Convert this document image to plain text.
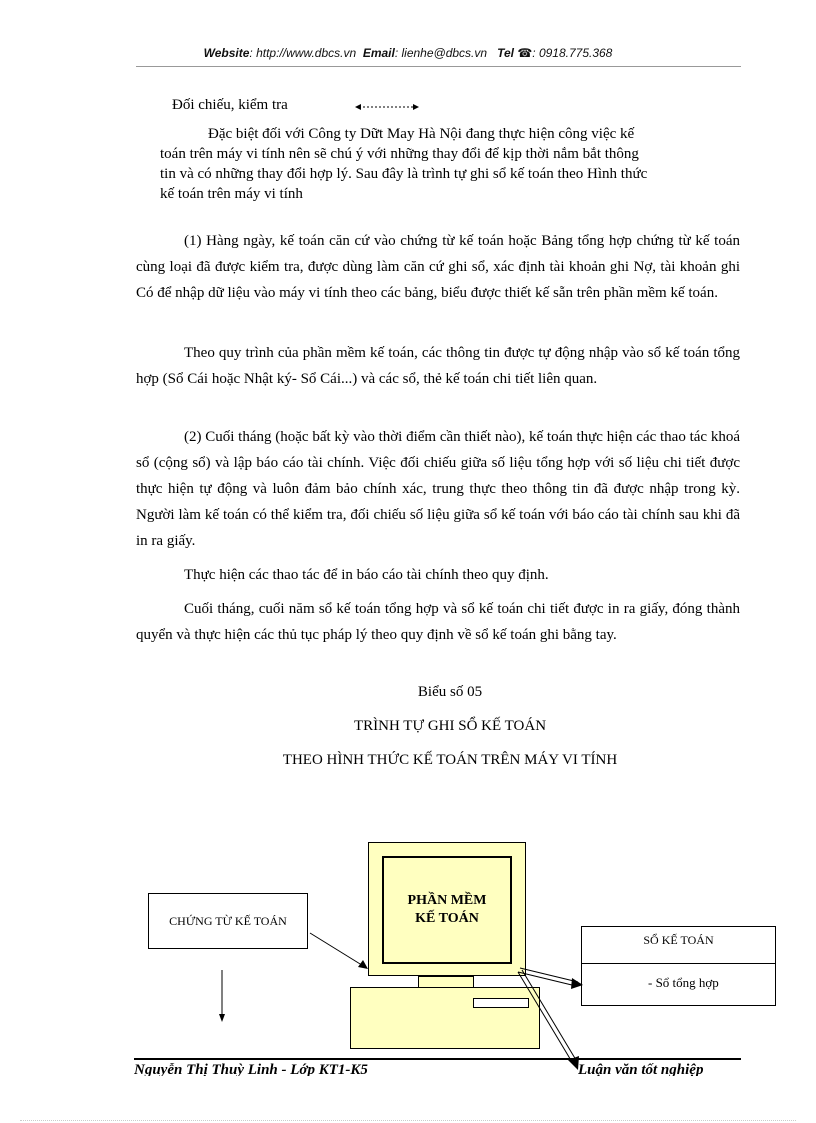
Website: http://www.dbcs.vn Email: lienhe@dbcs.vn Tel ☎: 0918.775.368
Đối chiếu, kiểm tra
Đặc biệt đối với Công ty Dữt May Hà Nội đang thực hiện công việc kế
toán trên máy vi tính nên sẽ chú ý với những thay đổi để kịp thời nắm bắt thông
tin và có những thay đổi hợp lý. Sau đây là trình tự ghi sổ kế toán theo Hình thức
kế toán trên máy vi tính
(1) Hàng ngày, kế toán căn cứ vào chứng từ kế toán hoặc Bảng tổng hợp chứng từ kế toán cùng loại đã được kiểm tra, được dùng làm căn cứ ghi sổ, xác định tài khoản ghi Nợ, tài khoản ghi Có để nhập dữ liệu vào máy vi tính theo các bảng, biểu được thiết kế sẵn trên phần mềm kế toán.
Theo quy trình của phần mềm kế toán, các thông tin được tự động nhập vào sổ kế toán tổng hợp (Sổ Cái hoặc Nhật ký- Sổ Cái...) và các sổ, thẻ kế toán chi tiết liên quan.
(2) Cuối tháng (hoặc bất kỳ vào thời điểm cần thiết nào), kế toán thực hiện các thao tác khoá sổ (cộng sổ) và lập báo cáo tài chính. Việc đối chiếu giữa số liệu tổng hợp với số liệu chi tiết được thực hiện tự động và luôn đảm bảo chính xác, trung thực theo thông tin đã được nhập trong kỳ. Người làm kế toán có thể kiểm tra, đối chiếu số liệu giữa sổ kế toán với báo cáo tài chính sau khi đã in ra giấy.
Thực hiện các thao tác để in báo cáo tài chính theo quy định.
Cuối tháng, cuối năm sổ kế toán tổng hợp và sổ kế toán chi tiết được in ra giấy, đóng thành quyển và thực hiện các thủ tục pháp lý theo quy định về sổ kế toán ghi bằng tay.
Biểu số 05
TRÌNH TỰ GHI SỔ KẾ TOÁN
THEO HÌNH THỨC KẾ TOÁN TRÊN MÁY VI TÍNH
PHẦN MỀM
KẾ TOÁN
CHỨNG TỪ KẾ TOÁN
SỔ KẾ TOÁN
- Sổ tổng hợp
Nguyễn Thị Thuỳ Linh - Lớp KT1-K5	Luận văn tốt nghiệp
